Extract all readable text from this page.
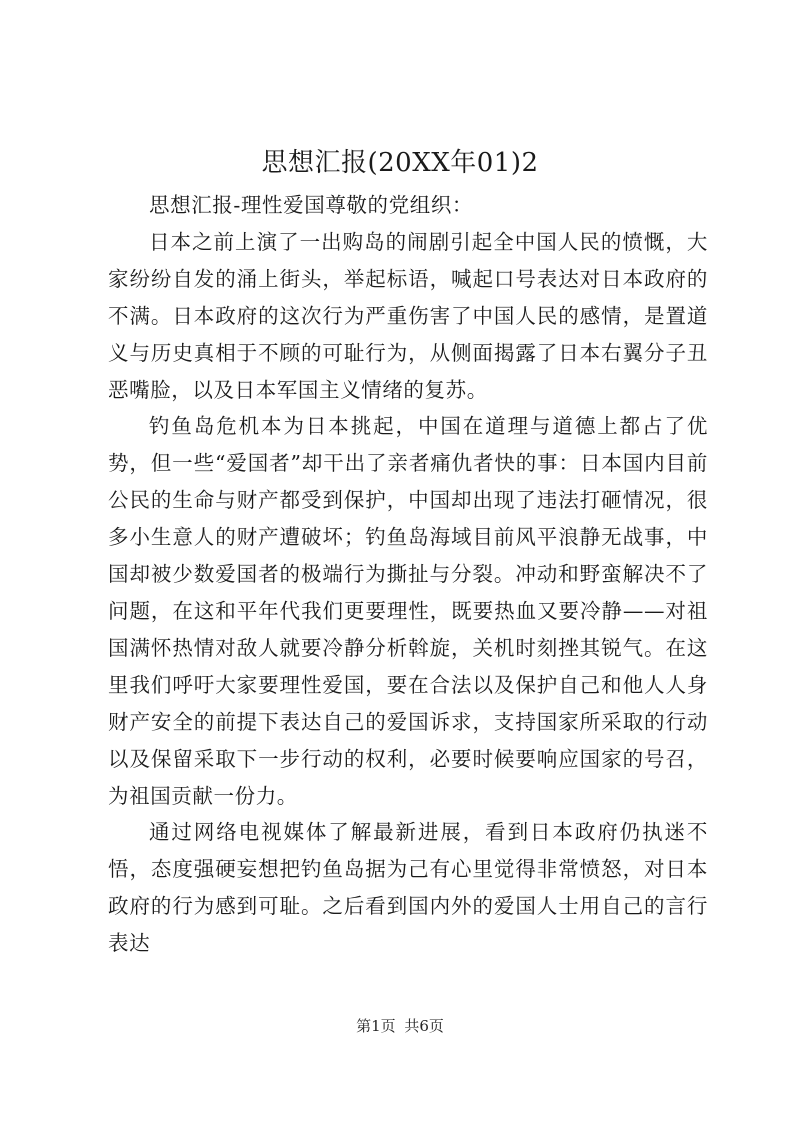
思想汇报(20XX年01)2

思想汇报-理性爱国尊敬的党组织：

日本之前上演了一出购岛的闹剧引起全中国人民的愤慨，大家纷纷自发的涌上街头，举起标语，喊起口号表达对日本政府的不满。日本政府的这次行为严重伤害了中国人民的感情，是置道义与历史真相于不顾的可耻行为，从侧面揭露了日本右翼分子丑恶嘴脸，以及日本军国主义情绪的复苏。

钓鱼岛危机本为日本挑起，中国在道理与道德上都占了优势，但一些“爱国者”却干出了亲者痛仇者快的事：日本国内目前公民的生命与财产都受到保护，中国却出现了违法打砸情况，很多小生意人的财产遭破坏；钓鱼岛海域目前风平浪静无战事，中国却被少数爱国者的极端行为撕扯与分裂。冲动和野蛮解决不了问题，在这和平年代我们更要理性，既要热血又要冷静——对祖国满怀热情对敌人就要冷静分析斡旋，关机时刻挫其锐气。在这里我们呼吁大家要理性爱国，要在合法以及保护自己和他人人身财产安全的前提下表达自己的爱国诉求，支持国家所采取的行动以及保留采取下一步行动的权利，必要时候要响应国家的号召，为祖国贡献一份力。

通过网络电视媒体了解最新进展，看到日本政府仍执迷不悟，态度强硬妄想把钓鱼岛据为己有心里觉得非常愤怒，对日本政府的行为感到可耻。之后看到国内外的爱国人士用自己的言行表达

第1页 共6页
